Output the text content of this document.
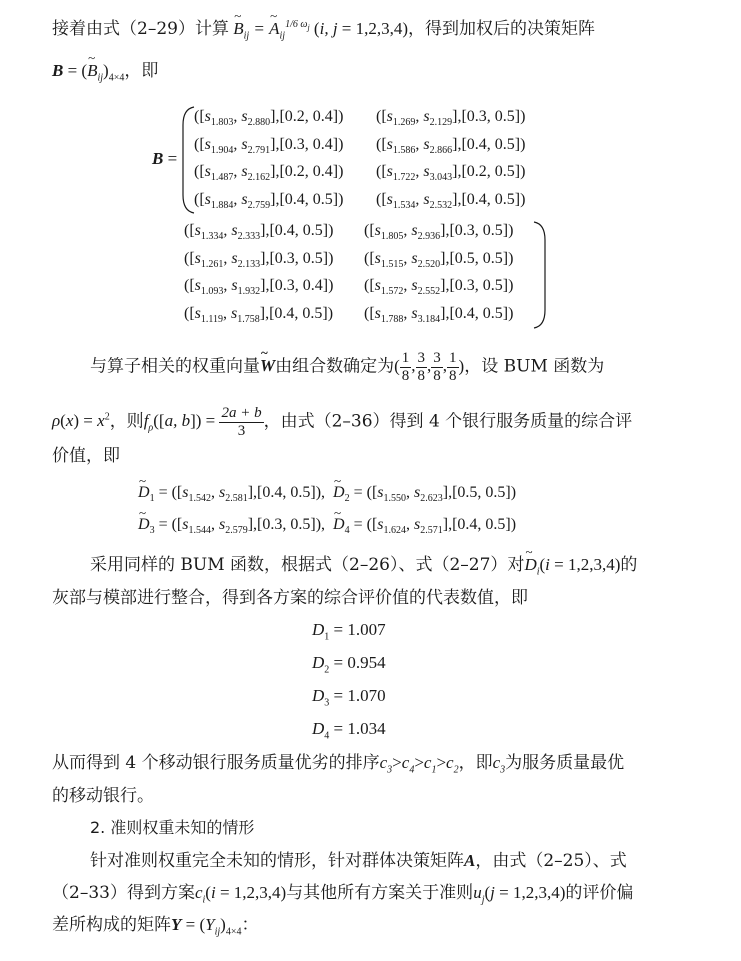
接着由式（2–29）计算 ~ $B_{ij}$ = ~ $A_{ij}^{1/6 \omega_j}$ (i, j = 1,2,3,4)，得到加权后的决策矩阵
B = (~ $B_{ij})_{4\times 4}$，即
B =
([$s_{1.803}$, $s_{2.880}],[0.2$, 0.4]) ([$s_{1.269}$, $s_{2.129}],[0.3$, 0.5])
([$s_{1.904}$, $s_{2.791}],[0.3$, 0.4]) ([$s_{1.586}$, $s_{2.866}],[0.4$, 0.5])
([$s_{1.487}$, $s_{2.162}],[0.2$, 0.4]) ([$s_{1.722}$, $s_{3.043}],[0.2$, 0.5])
([$s_{1.884}$, $s_{2.759}],[0.4$, 0.5]) ([$s_{1.534}$, $s_{2.532}],[0.4$, 0.5])
([$s_{1.334}$, $s_{2.333}],[0.4$, 0.5]) ([$s_{1.805}$, $s_{2.936}],[0.3$, 0.5])
([$s_{1.261}$, $s_{2.133}],[0.3$, 0.5]) ([$s_{1.515}$, $s_{2.520}],[0.5$, 0.5])
([$s_{1.093}$, $s_{1.932}],[0.3$, 0.4]) ([$s_{1.572}$, $s_{2.552}],[0.3$, 0.5])
([$s_{1.119}$, $s_{1.758}],[0.4$, 0.5]) ([$s_{1.788}$, $s_{3.184}],[0.4$, 0.5])
与算子相关的权重向量~ W由组合数确定为( $\frac{1}{8}$ , $\frac{3}{8}$ , $\frac{3}{8}$ , $\frac{1}{8}$ )，设 BUM 函数为
$\rho(x) = x^2$，则$f_\rho([a$, $b]) = \frac{2a + b}{3}$ ，由式（2–36）得到 4 个银行服务质量的综合评
价值，即
~ $D_1 = ([s_{1.542}$, $s_{2.581}],[0.4$, 0.5]),  ~ $D_2 = ([s_{1.550}$, $s_{2.623}],[0.5$, 0.5])
~ $D_3 = ([s_{1.544}$, $s_{2.579}],[0.3$, 0.5]),  ~ $D_4 = ([s_{1.624}$, $s_{2.571}],[0.4$, 0.5])
采用同样的 BUM 函数，根据式（2–26）、式（2–27）对~ $D_i(i = 1,2,3,4)$的
灰部与模部进行整合，得到各方案的综合评价值的代表数值，即
$D_1 = 1.007$
$D_2 = 0.954$
$D_3 = 1.070$
$D_4 = 1.034$
从而得到 4 个移动银行服务质量优劣的排序$c_3>c_4>c_1>c_2$，即$c_3$为服务质量最优
的移动银行。
2. 准则权重未知的情形
针对准则权重完全未知的情形，针对群体决策矩阵A，由式（2–25）、式
（2–33）得到方案$c_i(i = 1,2,3,4)$与其他所有方案关于准则$u_j(j = 1,2,3,4)$的评价偏
差所构成的矩阵$Y = (Y_{ij})_{4\times 4}$：
